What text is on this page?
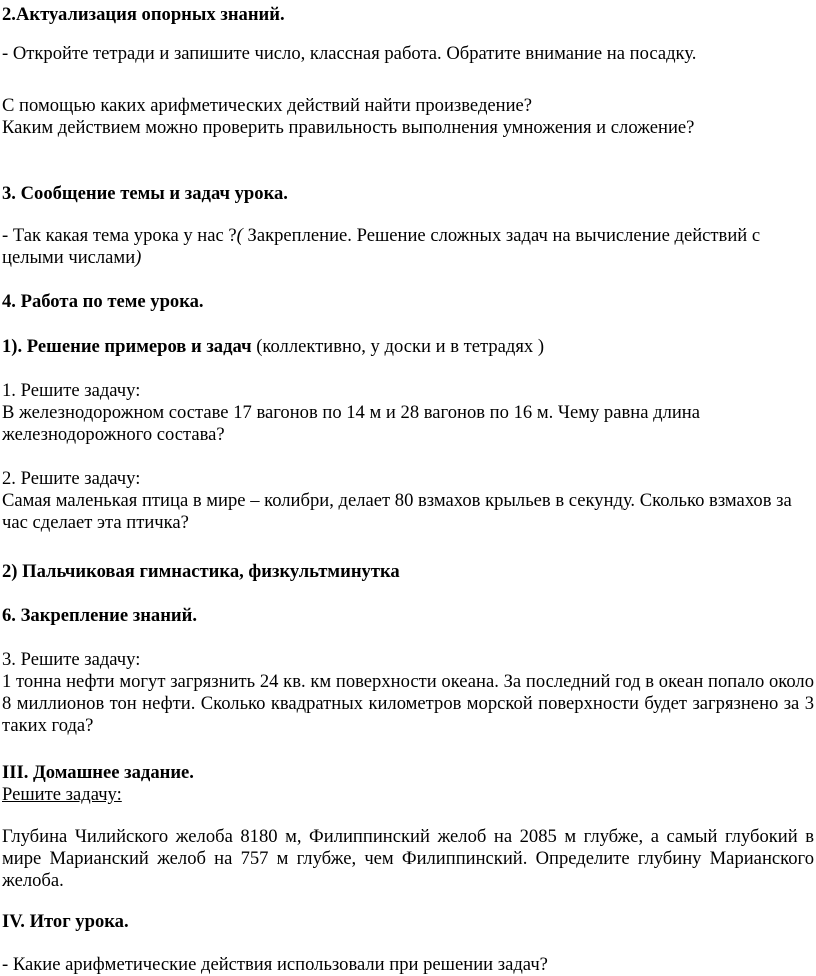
2.Актуализация опорных знаний.
- Откройте тетради и запишите число, классная работа. Обратите внимание на посадку.
С помощью каких арифметических действий найти произведение?
Каким действием можно проверить правильность выполнения умножения и сложение?
3. Сообщение темы и задач урока.
- Так какая тема урока у нас ?( Закрепление. Решение сложных задач на вычисление действий с целыми числами)
4. Работа по теме урока.
1). Решение примеров и задач (коллективно, у доски и в тетрадях )
1. Решите задачу:
В железнодорожном составе 17 вагонов по 14 м и 28 вагонов по 16 м. Чему равна длина железнодорожного состава?
2. Решите задачу:
Самая маленькая птица в мире – колибри, делает 80 взмахов крыльев в секунду. Сколько взмахов за час сделает эта птичка?
2) Пальчиковая гимнастика, физкультминутка
6. Закрепление знаний.
3. Решите задачу:
1 тонна нефти могут загрязнить 24 кв. км поверхности океана. За последний год в океан попало около 8 миллионов тон нефти. Сколько квадратных километров морской поверхности будет загрязнено за 3 таких года?
III. Домашнее задание.
Решите задачу:
Глубина Чилийского желоба 8180 м, Филиппинский желоб на 2085 м глубже, а самый глубокий в мире Марианский желоб на 757 м глубже, чем Филиппинский. Определите глубину Марианского желоба.
IV. Итог урока.
- Какие арифметические действия использовали при решении задач?
